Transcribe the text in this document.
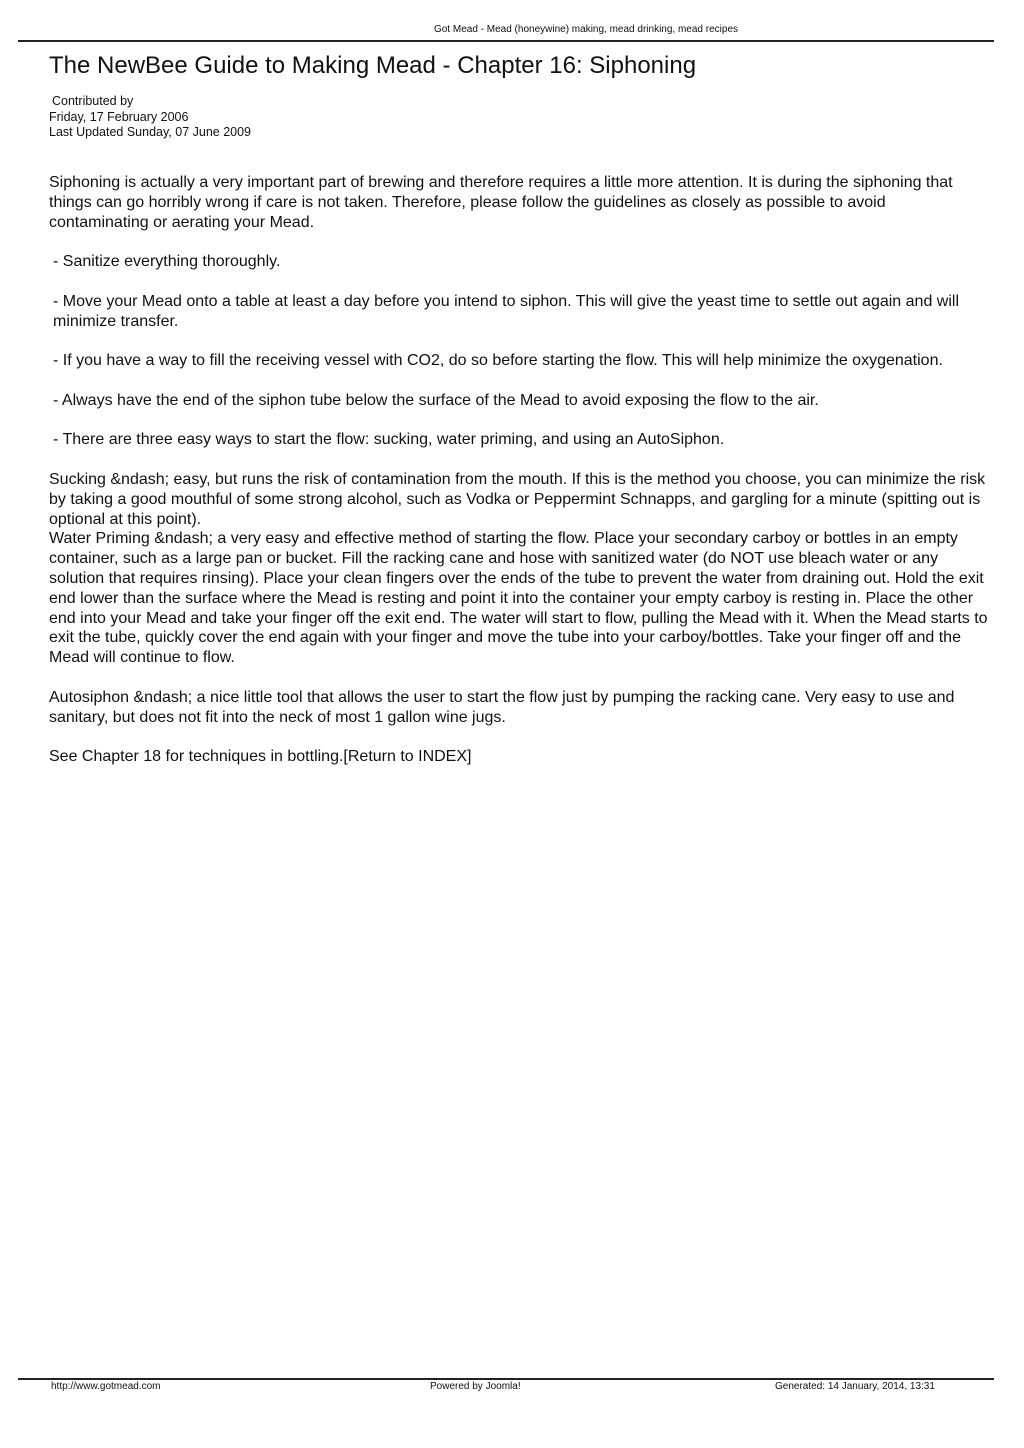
Got Mead - Mead (honeywine) making, mead drinking, mead recipes
The NewBee Guide to Making Mead - Chapter 16: Siphoning
Contributed by
Friday, 17 February 2006
Last Updated Sunday, 07 June 2009

Siphoning is actually a very important part of brewing and therefore requires a little more attention. It is during the siphoning that things can go horribly wrong if care is not taken. Therefore, please follow the guidelines as closely as possible to avoid contaminating or aerating your Mead.

- Sanitize everything thoroughly.

- Move your Mead onto a table at least a day before you intend to siphon. This will give the yeast time to settle out again and will minimize transfer.

- If you have a way to fill the receiving vessel with CO2, do so before starting the flow. This will help minimize the oxygenation.

- Always have the end of the siphon tube below the surface of the Mead to avoid exposing the flow to the air.

- There are three easy ways to start the flow: sucking, water priming, and using an AutoSiphon.

Sucking &ndash; easy, but runs the risk of contamination from the mouth. If this is the method you choose, you can minimize the risk by taking a good mouthful of some strong alcohol, such as Vodka or Peppermint Schnapps, and gargling for a minute (spitting out is optional at this point).

Water Priming &ndash; a very easy and effective method of starting the flow. Place your secondary carboy or bottles in an empty container, such as a large pan or bucket. Fill the racking cane and hose with sanitized water (do NOT use bleach water or any solution that requires rinsing). Place your clean fingers over the ends of the tube to prevent the water from draining out. Hold the exit end lower than the surface where the Mead is resting and point it into the container your empty carboy is resting in. Place the other end into your Mead and take your finger off the exit end. The water will start to flow, pulling the Mead with it. When the Mead starts to exit the tube, quickly cover the end again with your finger and move the tube into your carboy/bottles. Take your finger off and the Mead will continue to flow.

Autosiphon &ndash; a nice little tool that allows the user to start the flow just by pumping the racking cane. Very easy to use and sanitary, but does not fit into the neck of most 1 gallon wine jugs.

See Chapter 18 for techniques in bottling.[Return to INDEX]

http://www.gotmead.com	Powered by Joomla!	Generated: 14 January, 2014, 13:31
